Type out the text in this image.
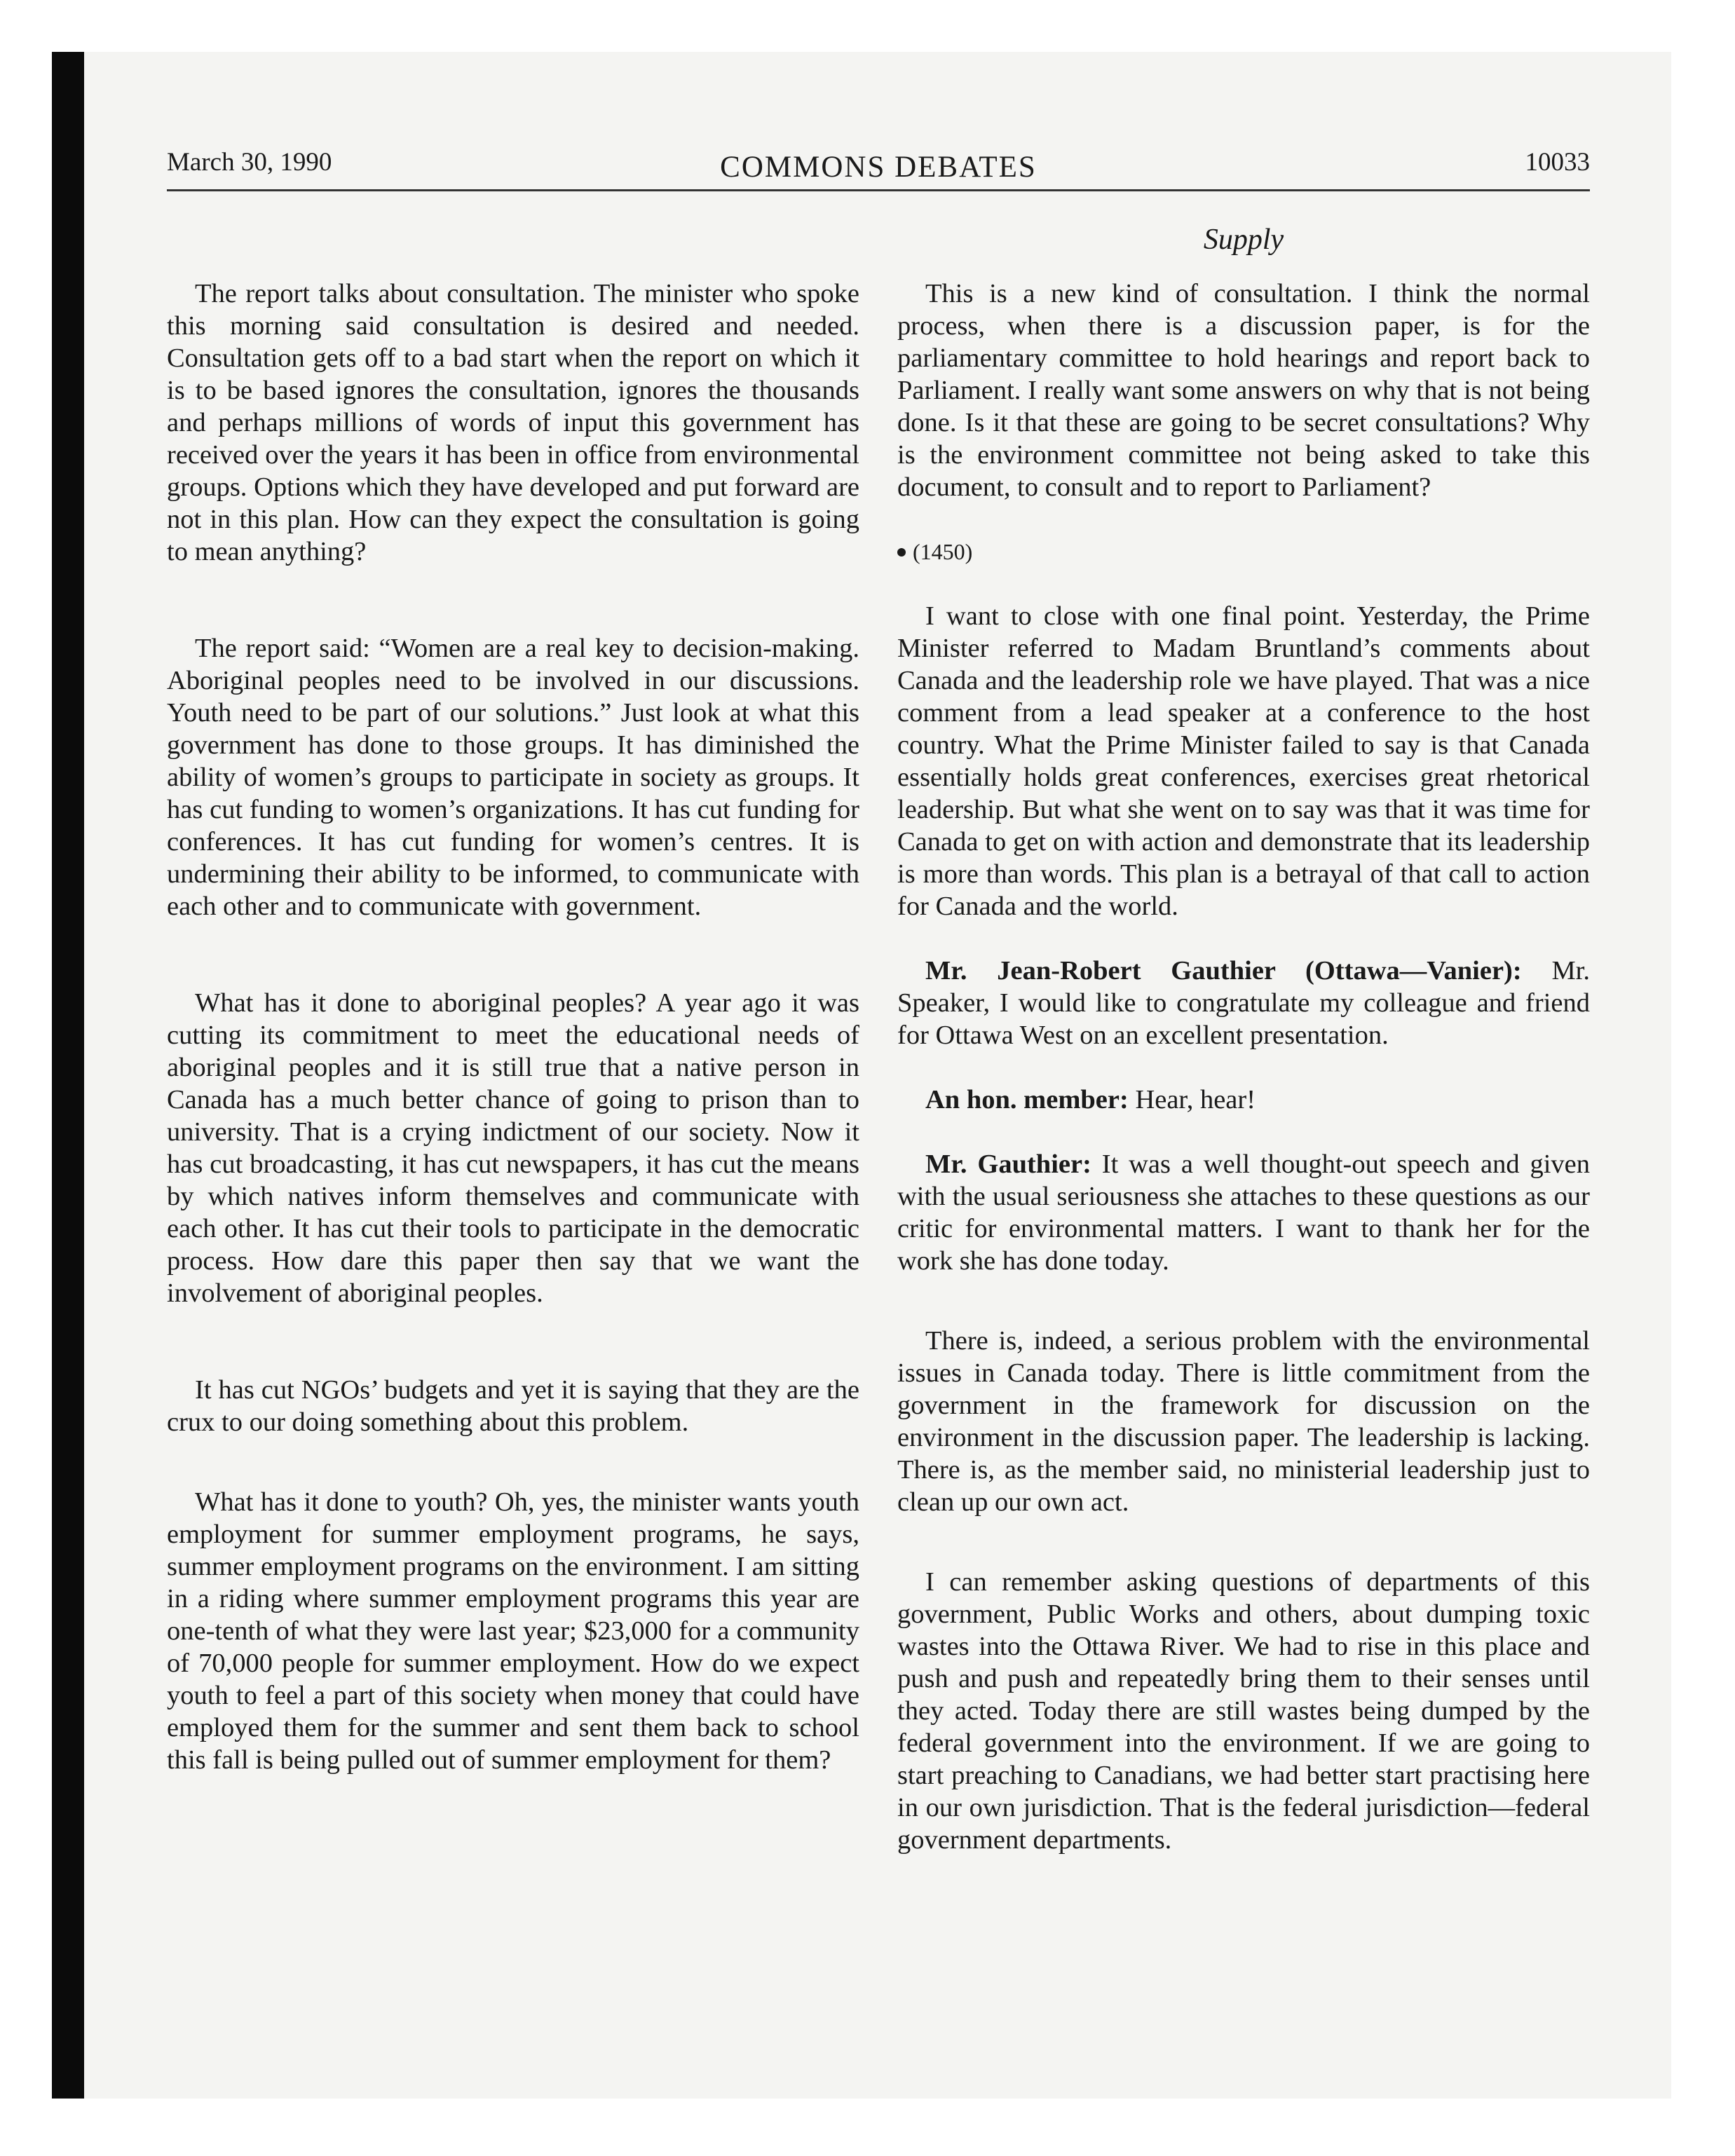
March 30, 1990	COMMONS DEBATES	10033
Supply

The report talks about consultation. The minister who spoke this morning said consultation is desired and needed. Consultation gets off to a bad start when the report on which it is to be based ignores the consultation, ignores the thousands and perhaps millions of words of input this government has received over the years it has been in office from environmental groups. Options which they have developed and put forward are not in this plan. How can they expect the consultation is going to mean anything?

The report said: “Women are a real key to decision-making. Aboriginal peoples need to be involved in our discussions. Youth need to be part of our solutions.” Just look at what this government has done to those groups. It has diminished the ability of women’s groups to participate in society as groups. It has cut funding to women’s organizations. It has cut funding for conferences. It has cut funding for women’s centres. It is undermining their ability to be informed, to communicate with each other and to communicate with government.

What has it done to aboriginal peoples? A year ago it was cutting its commitment to meet the educational needs of aboriginal peoples and it is still true that a native person in Canada has a much better chance of going to prison than to university. That is a crying indictment of our society. Now it has cut broadcasting, it has cut newspapers, it has cut the means by which natives inform themselves and communicate with each other. It has cut their tools to participate in the democratic process. How dare this paper then say that we want the involvement of aboriginal peoples.

It has cut NGOs’ budgets and yet it is saying that they are the crux to our doing something about this problem.

What has it done to youth? Oh, yes, the minister wants youth employment for summer employment programs, he says, summer employment programs on the environment. I am sitting in a riding where summer employment programs this year are one-tenth of what they were last year; $23,000 for a community of 70,000 people for summer employment. How do we expect youth to feel a part of this society when money that could have employed them for the summer and sent them back to school this fall is being pulled out of summer employment for them?

This is a new kind of consultation. I think the normal process, when there is a discussion paper, is for the parliamentary committee to hold hearings and report back to Parliament. I really want some answers on why that is not being done. Is it that these are going to be secret consultations? Why is the environment committee not being asked to take this document, to consult and to report to Parliament?

(1450)

I want to close with one final point. Yesterday, the Prime Minister referred to Madam Bruntland’s comments about Canada and the leadership role we have played. That was a nice comment from a lead speaker at a conference to the host country. What the Prime Minister failed to say is that Canada essentially holds great conferences, exercises great rhetorical leadership. But what she went on to say was that it was time for Canada to get on with action and demonstrate that its leadership is more than words. This plan is a betrayal of that call to action for Canada and the world.

Mr. Jean-Robert Gauthier (Ottawa—Vanier): Mr. Speaker, I would like to congratulate my colleague and friend for Ottawa West on an excellent presentation.

An hon. member: Hear, hear!

Mr. Gauthier: It was a well thought-out speech and given with the usual seriousness she attaches to these questions as our critic for environmental matters. I want to thank her for the work she has done today.

There is, indeed, a serious problem with the environmental issues in Canada today. There is little commitment from the government in the framework for discussion on the environment in the discussion paper. The leadership is lacking. There is, as the member said, no ministerial leadership just to clean up our own act.

I can remember asking questions of departments of this government, Public Works and others, about dumping toxic wastes into the Ottawa River. We had to rise in this place and push and push and repeatedly bring them to their senses until they acted. Today there are still wastes being dumped by the federal government into the environment. If we are going to start preaching to Canadians, we had better start practising here in our own jurisdiction. That is the federal jurisdiction—federal government departments.
